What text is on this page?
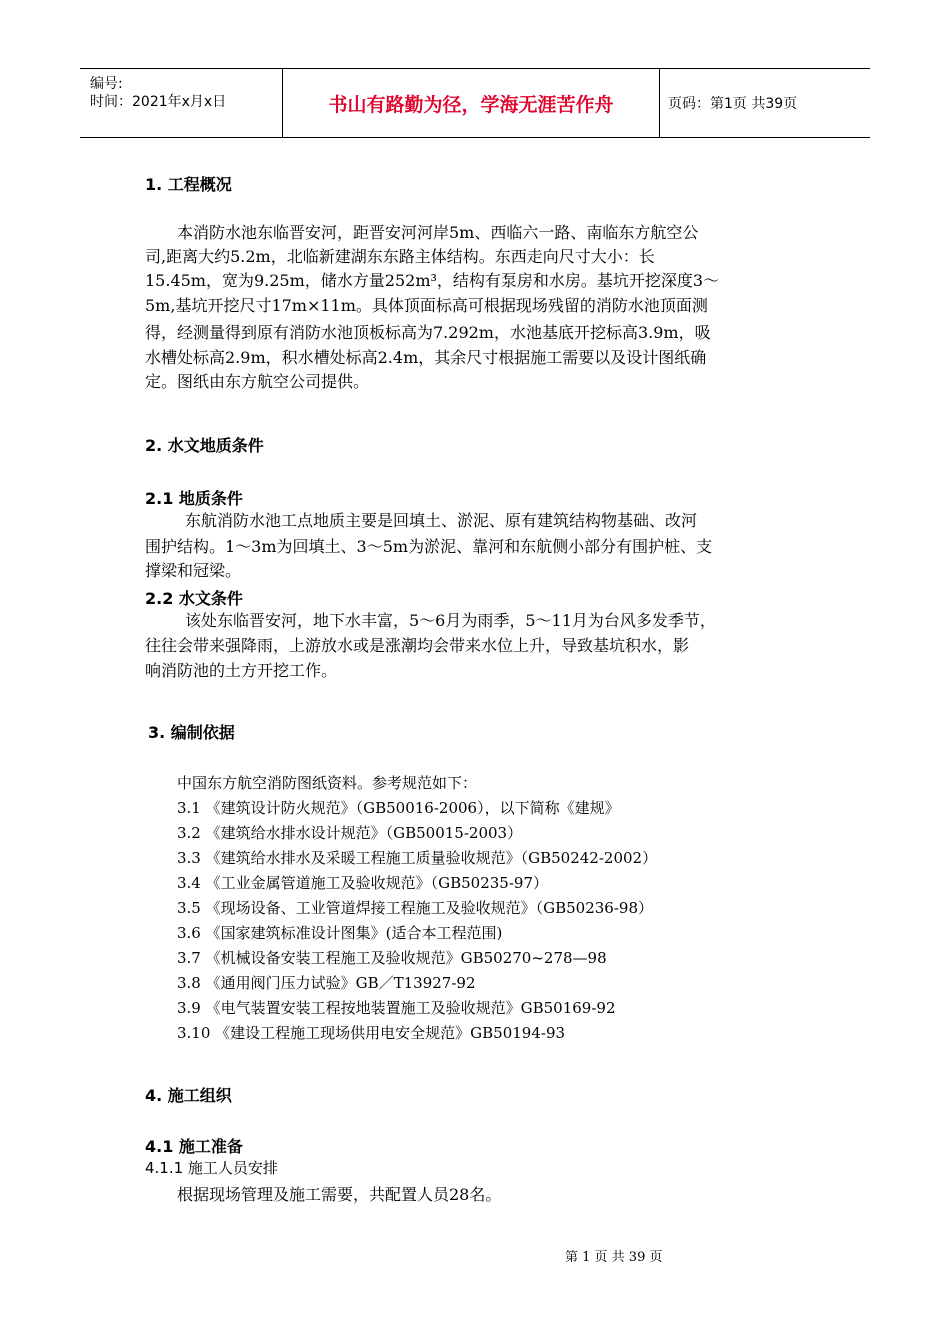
编号:
时间：2021年x月x日	书山有路勤为径，学海无涯苦作舟	页码：第1页 共39页
1. 工程概况
本消防水池东临晋安河，距晋安河河岸5m、西临六一路、南临东方航空公
司,距离大约5.2m，北临新建湖东东路主体结构。东西走向尺寸大小：长
15.45m，宽为9.25m，储水方量252m³，结构有泵房和水房。基坑开挖深度3～
5m,基坑开挖尺寸17m×11m。具体顶面标高可根据现场残留的消防水池顶面测
得，经测量得到原有消防水池顶板标高为7.292m，水池基底开挖标高3.9m，吸
水槽处标高2.9m，积水槽处标高2.4m，其余尺寸根据施工需要以及设计图纸确
定。图纸由东方航空公司提供。
2. 水文地质条件
2.1 地质条件
东航消防水池工点地质主要是回填土、淤泥、原有建筑结构物基础、改河
围护结构。1～3m为回填土、3～5m为淤泥、靠河和东航侧小部分有围护桩、支
撑梁和冠梁。
2.2 水文条件
该处东临晋安河，地下水丰富，5～6月为雨季，5～11月为台风多发季节，
往往会带来强降雨，上游放水或是涨潮均会带来水位上升，导致基坑积水，影
响消防池的土方开挖工作。
3. 编制依据
中国东方航空消防图纸资料。参考规范如下：
3.1 《建筑设计防火规范》（GB50016-2006），以下简称《建规》
3.2 《建筑给水排水设计规范》（GB50015-2003）
3.3 《建筑给水排水及采暖工程施工质量验收规范》（GB50242-2002）
3.4 《工业金属管道施工及验收规范》（GB50235-97）
3.5 《现场设备、工业管道焊接工程施工及验收规范》（GB50236-98）
3.6 《国家建筑标准设计图集》(适合本工程范围)
3.7 《机械设备安装工程施工及验收规范》GB50270~278—98
3.8 《通用阀门压力试验》GB／T13927-92
3.9 《电气装置安装工程按地装置施工及验收规范》GB50169-92
3.10 《建设工程施工现场供用电安全规范》GB50194-93
4. 施工组织
4.1 施工准备
4.1.1 施工人员安排
根据现场管理及施工需要，共配置人员28名。
第 1 页 共 39 页
